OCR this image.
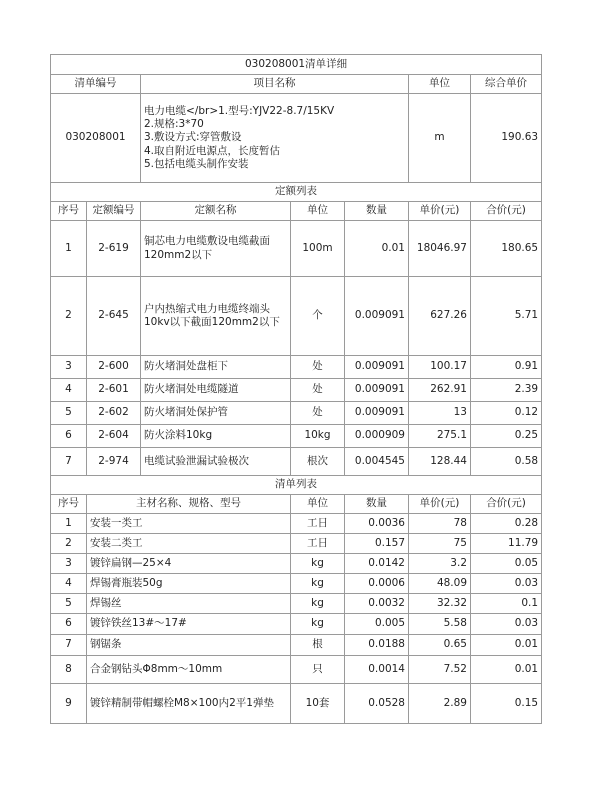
030208001清单详细						
清单编号		项目名称			单位	综合单价
030208001		电力电缆</br>1.型号:YJV22-8.7/15KV
2.规格:3*70
3.敷设方式:穿管敷设
4.取自附近电源点，长度暂估
5.包括电缆头制作安装			m	190.63
定额列表						
序号	定额编号	定额名称	单位	数量	单价(元)	合价(元)
1	2-619	铜芯电力电缆敷设电缆截面120mm2以下	100m	0.01	18046.97	180.65
2	2-645	户内热缩式电力电缆终端头10kv以下截面120mm2以下	个	0.009091	627.26	5.71
3	2-600	防火堵洞处盘柜下	处	0.009091	100.17	0.91
4	2-601	防火堵洞处电缆隧道	处	0.009091	262.91	2.39
5	2-602	防火堵洞处保护管	处	0.009091	13	0.12
6	2-604	防火涂料10kg	10kg	0.000909	275.1	0.25
7	2-974	电缆试验泄漏试验极次	根次	0.004545	128.44	0.58
清单列表						
序号	主材名称、规格、型号		单位	数量	单价(元)	合价(元)
1	安装一类工		工日	0.0036	78	0.28
2	安装二类工		工日	0.157	75	11.79
3	镀锌扁钢—25×4		kg	0.0142	3.2	0.05
4	焊锡膏瓶装50g		kg	0.0006	48.09	0.03
5	焊锡丝		kg	0.0032	32.32	0.1
6	镀锌铁丝13#～17#		kg	0.005	5.58	0.03
7	钢锯条		根	0.0188	0.65	0.01
8	合金钢钻头Φ8mm～10mm		只	0.0014	7.52	0.01
9	镀锌精制带帽螺栓M8×100内2平1弹垫		10套	0.0528	2.89	0.15
